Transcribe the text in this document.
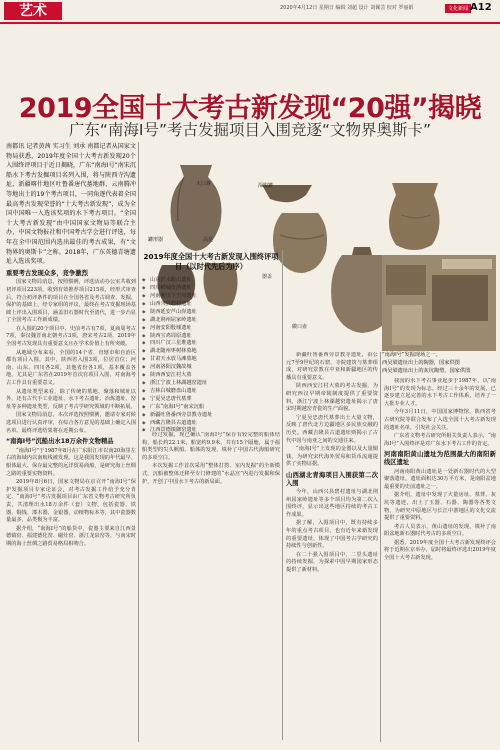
艺术	2020年4月12日 星期日 编辑 刘超 设计 刘佩芸 校对 罗丽娟	文化新闻 A12
2019全国十大考古新发现“20强”揭晓
广东“南海Ⅰ号”考古发掘项目入围竞逐“文物界奥斯卡”

南都讯 记者黄茜 实习生 刘承 南都记者从国家文物局获悉，2019年度全国十大考古新发现20个入围终评项目于近日揭晓，广东“南海Ⅰ号”南宋沉船水下考古发掘项目名列入围，将与陕西寺沟遗址、新疆喀什地区吐鲁番唐代墓地群、云南腾冲等地出土的19个考古项目，一同角逐代表着全国最高考古发现荣誉的“十大考古新发现”，成为全国中国唯一入选该奖项的水下考古项目。“全国十大考古新发现”由中国国家文物局等联合主办，中国文物报社和中国考古学会进行评选，每年在全中国范围内选出最佳的考古成果，有“文物界的奥斯卡”之称。2018年，广东英德青塘遗址入选该奖项。

重要考古发现众多，竞争激烈

国家文物局消息，按照惯例，评选活动办公室共收到初评项目223项，收到有效推荐项目215项，经形式审查后，符合初评条件的项目在全国各省及考古调查、发掘、保护的基础上，经专家组的评议，最终在考古发掘现场基础上评出入围项目，涵盖旧石器时代至清代，进一步凸显了全国考古工作新成绩。

在入围的20个项目中，史前考古有7项，夏商周考古7项，秦汉魏晋南北朝考古3项，唐宋考古2项，2019年全国考古发现具有重要意义且在学术价值上有所突破。

从地域分布来看，全国的14个省、直辖市和自治区都有项目入围。其中，陕西省入围3项，位居首位；河南、山东、四川各2项，其他省份各1项，基本覆盖各地，尤其是广东省在2019年首次有项目入围，对南海考古工作具有重要意义。

从遗址类型来看，除了传统的墓地、聚落和城址以外，还有古代手工业遗址、水下考古遗址、冶炼遗址、窑址等多种遗址类型，反映了考古学研究领域的不断拓展。

国家文物局消息，本次评选按照惯例，邀请专家对候选项目进行认真评审，在综合各方意见的基础上确定入围名单。最终评选结果将在近期公布。

“南海Ⅰ号”沉船出水18万余件文物精品

“南海Ⅰ号”于1987年8月在广东阳江市以南20海里左右的海域内以南航线被发现。这是我国发现的年代最早、船体最大、保存最完整的远洋贸易商船，是研究海上丝绸之路的重要实物资料。

2019年8月6日，国家文物局在京召开“南海Ⅰ号”保护发掘项目专家论证会，对考古发掘工作给予充分肯定。“南海Ⅰ号”考古发掘项目由广东省文物考古研究所负责，共清理出水18万余件（套）文物，包括瓷器、铁器、铜钱、漆木器、金银器、动植物标本等，其中瓷器数量最多，品类极为丰富。

据介绍，“南海Ⅰ号”的船货中，瓷器主要来自江西景德镇窑、福建德化窑、磁灶窑、浙江龙泉窑等，与南宋时期的海上丝绸之路贸易格局相吻合。

大口尊	深腹罐
罐形器	高足
器盖
敞口壶
2019年度全国十大考古新发现入围终评项目（以时代先后为序）
◆ 山东沂水跋山遗址
◆ 四川稻城皮洛遗址
◆ 河南淅川下王岗遗址
◆ 山西兴县碧村遗址
◆ 陕西延安芦山峁遗址
◆ 湖北荆州屈家岭遗址
◆ 河南安阳殷墟遗址
◆ 陕西宝鸡周原遗址
◆ 四川广汉三星堆遗址
◆ 湖北随州枣树林墓地
◆ 甘肃天水放马滩墓地
◆ 河南洛阳汉魏故城
◆ 陕西西安江村大墓
◆ 浙江宁波上林湖越窑遗址
◆ 吉林白城磨盘山遗址
◆ 宁夏吴忠唐代墓葬
◆ 广东“南海Ⅰ号”南宋沉船
◆ 新疆吐鲁番西旁景教寺遗址
◆ 西藏吉隆县古道遗址
◆ 江西景德镇御窑遗址

新疆吐鲁番西旁景教寺遗址，由公元7至9世纪的石窟、寺院建筑与墓葬组成，对研究景教在中亚和新疆地区的传播具有重要意义。

陕西西安江村大墓的考古发掘，为研究西汉早期帝陵制度提供了重要资料。浙江宁波上林湖越窑遗址揭示了唐宋时期越窑青瓷的生产面貌。

宁夏吴忠唐代墓葬出土大量文物，反映了唐代北方边疆地区多民族交融的历史。西藏吉隆县古道遗址则揭示了古代中国与南亚之间的交通往来。

“南海Ⅰ号”上发现的金器以及大量铜钱，为研究宋代海外贸易和货币流通提供了实物证据。

山西湖北青海项目入围获第二次入围

今年，山西兴县碧村遗址与湖北荆州屈家岭遗址等多个项目均为第二次入围终评，显示出这些地区持续的考古工作成果。

据了解，入围项目中，既有持续多年的重点考古项目，也有近年来新发现的重要遗址，体现了中国考古学研究的持续性与创新性。

在二十强入围项目中，二里头遗址的持续发掘，为探索中国早期国家形态提供了新材料。

经过发掘，现已确认“南海Ⅰ号”保存有较完整的船体结构，船长约22.1米，船宽约9.9米，共有15个隔舱，属于福船类型的尖头帆船。船体的发现，填补了中国古代海船研究的多项空白。

本次发掘工作首次采用“整体打捞、室内发掘”的全新模式，沉船被整体迁移至专门修建的“水晶宫”内进行发掘和保护，开创了中国水下考古的新局面。

“南海Ⅰ号”发掘现场之一。
西吴梁遗址出土的陶器，国家供图
西吴梁遗址出土的灰坑陶塑，国家供图

我国的水下考古事业起步于1987年，以“南海Ⅰ号”的发现为标志。经过三十余年的发展，已逐步建立起完善的水下考古工作体系，培养了一大批专业人才。

今年3月11日，中国国家博物馆、陕西省考古研究院等联合发布了入选全国十大考古新发现的遗址名单，引发社会关注。

广东省文物考古研究所相关负责人表示，“南海Ⅰ号”入围终评是对广东水下考古工作的肯定。

河南南阳黄山遗址为范围最大的南阳新线区遗址

河南南阳黄山遗址是一处新石器时代的大型聚落遗址，遗址面积达30万平方米，是南阳盆地最重要的史前遗址之一。

据介绍，遗址中发现了大量房址、墓葬、灰坑等遗迹，出土了玉器、石器、陶器等各类文物，为研究中原地区与长江中游地区的文化交流提供了重要资料。

考古人员表示，黄山遗址的发现，填补了南阳盆地新石器时代考古的多项空白。

据悉，2019年度全国十大考古新发现终评会将于近期在京举办，届时将最终评选出2019年度全国十大考古新发现。
